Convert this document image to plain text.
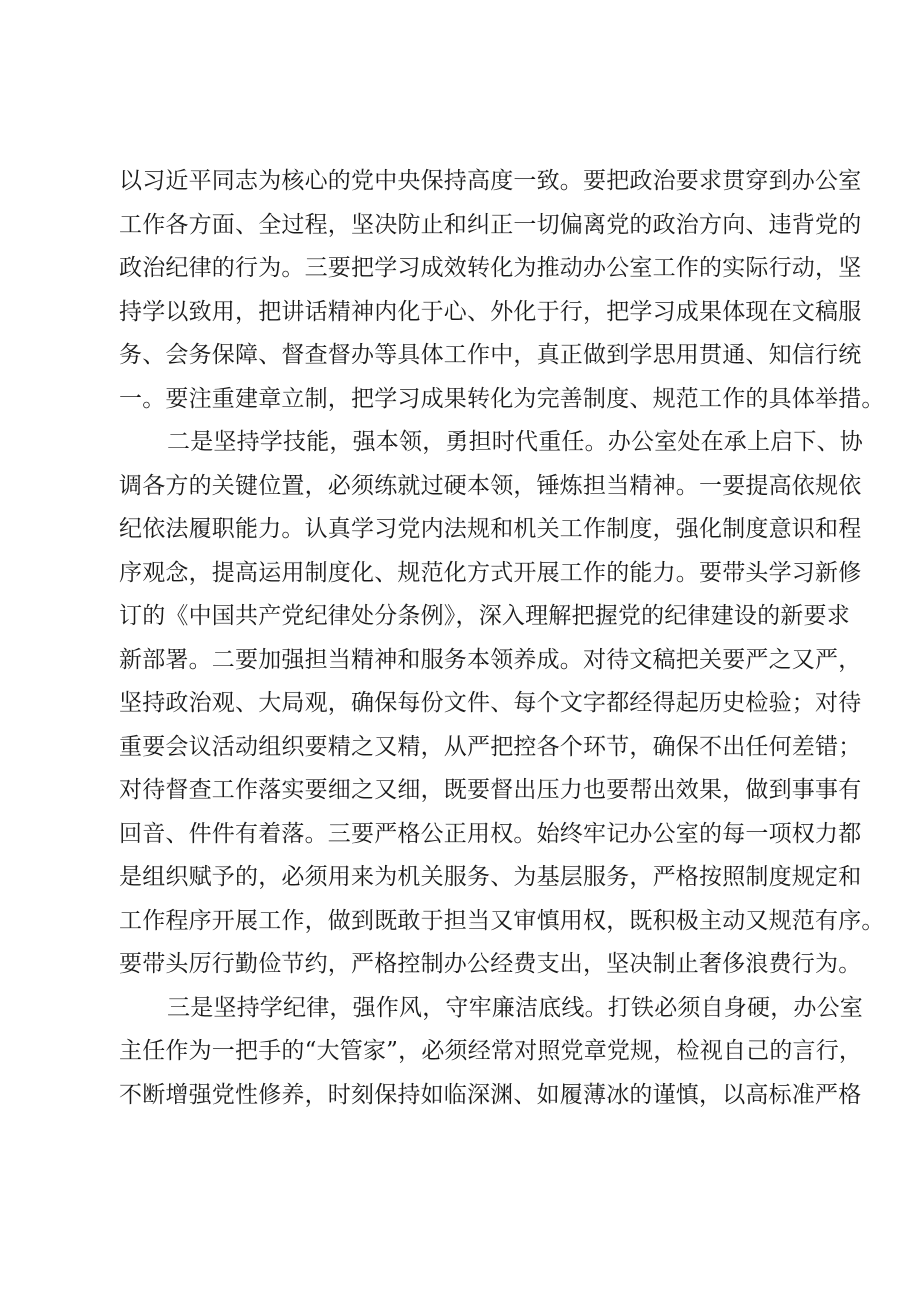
以习近平同志为核心的党中央保持高度一致。要把政治要求贯穿到办公室
工作各方面、全过程，坚决防止和纠正一切偏离党的政治方向、违背党的
政治纪律的行为。三要把学习成效转化为推动办公室工作的实际行动，坚
持学以致用，把讲话精神内化于心、外化于行，把学习成果体现在文稿服
务、会务保障、督查督办等具体工作中，真正做到学思用贯通、知信行统
一。要注重建章立制，把学习成果转化为完善制度、规范工作的具体举措。
二是坚持学技能，强本领，勇担时代重任。办公室处在承上启下、协
调各方的关键位置，必须练就过硬本领，锤炼担当精神。一要提高依规依
纪依法履职能力。认真学习党内法规和机关工作制度，强化制度意识和程
序观念，提高运用制度化、规范化方式开展工作的能力。要带头学习新修
订的《中国共产党纪律处分条例》，深入理解把握党的纪律建设的新要求
新部署。二要加强担当精神和服务本领养成。对待文稿把关要严之又严，
坚持政治观、大局观，确保每份文件、每个文字都经得起历史检验；对待
重要会议活动组织要精之又精，从严把控各个环节，确保不出任何差错；
对待督查工作落实要细之又细，既要督出压力也要帮出效果，做到事事有
回音、件件有着落。三要严格公正用权。始终牢记办公室的每一项权力都
是组织赋予的，必须用来为机关服务、为基层服务，严格按照制度规定和
工作程序开展工作，做到既敢于担当又审慎用权，既积极主动又规范有序。
要带头厉行勤俭节约，严格控制办公经费支出，坚决制止奢侈浪费行为。
三是坚持学纪律，强作风，守牢廉洁底线。打铁必须自身硬，办公室
主任作为一把手的“大管家”，必须经常对照党章党规，检视自己的言行，
不断增强党性修养，时刻保持如临深渊、如履薄冰的谨慎，以高标准严格
